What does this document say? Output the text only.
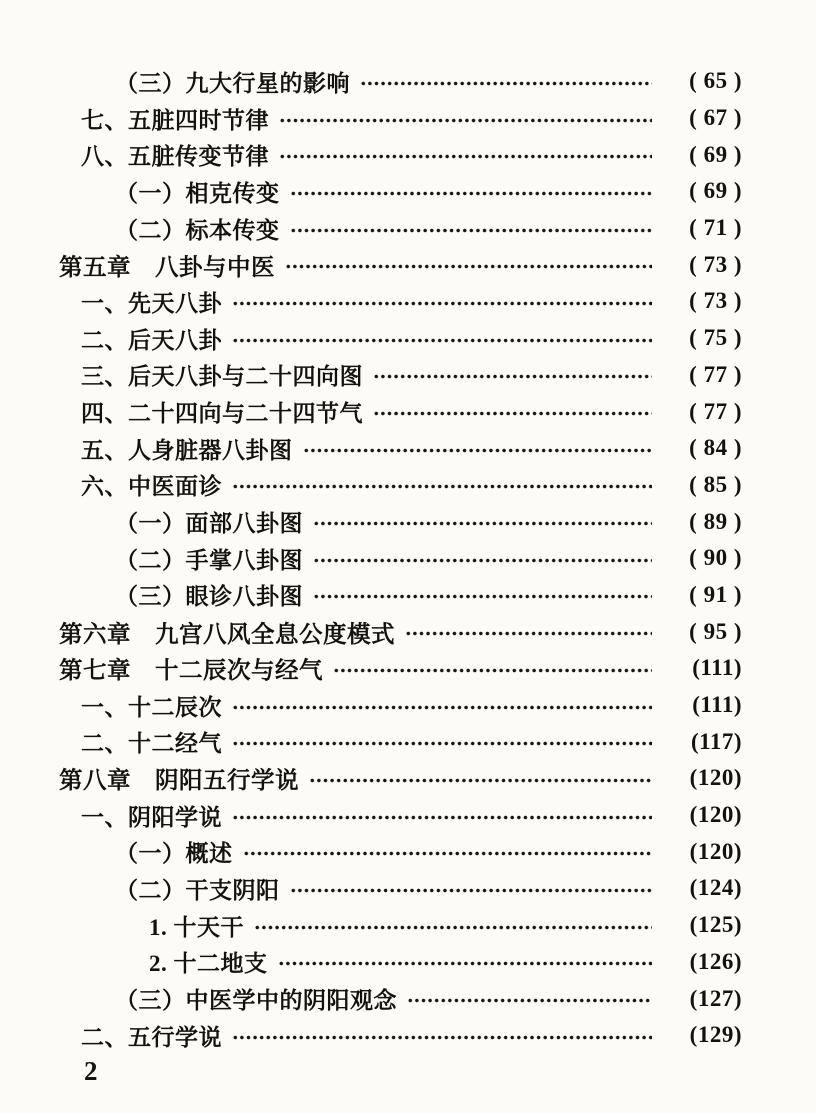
（三）九大行星的影响	( 65 )
七、五脏四时节律	( 67 )
八、五脏传变节律	( 69 )
（一）相克传变	( 69 )
（二）标本传变	( 71 )
第五章　八卦与中医	( 73 )
一、先天八卦	( 73 )
二、后天八卦	( 75 )
三、后天八卦与二十四向图	( 77 )
四、二十四向与二十四节气	( 77 )
五、人身脏器八卦图	( 84 )
六、中医面诊	( 85 )
（一）面部八卦图	( 89 )
（二）手掌八卦图	( 90 )
（三）眼诊八卦图	( 91 )
第六章　九宫八风全息公度模式	( 95 )
第七章　十二辰次与经气	(111)
一、十二辰次	(111)
二、十二经气	(117)
第八章　阴阳五行学说	(120)
一、阴阳学说	(120)
（一）概述	(120)
（二）干支阴阳	(124)
1. 十天干	(125)
2. 十二地支	(126)
（三）中医学中的阴阳观念	(127)
二、五行学说	(129)
2
